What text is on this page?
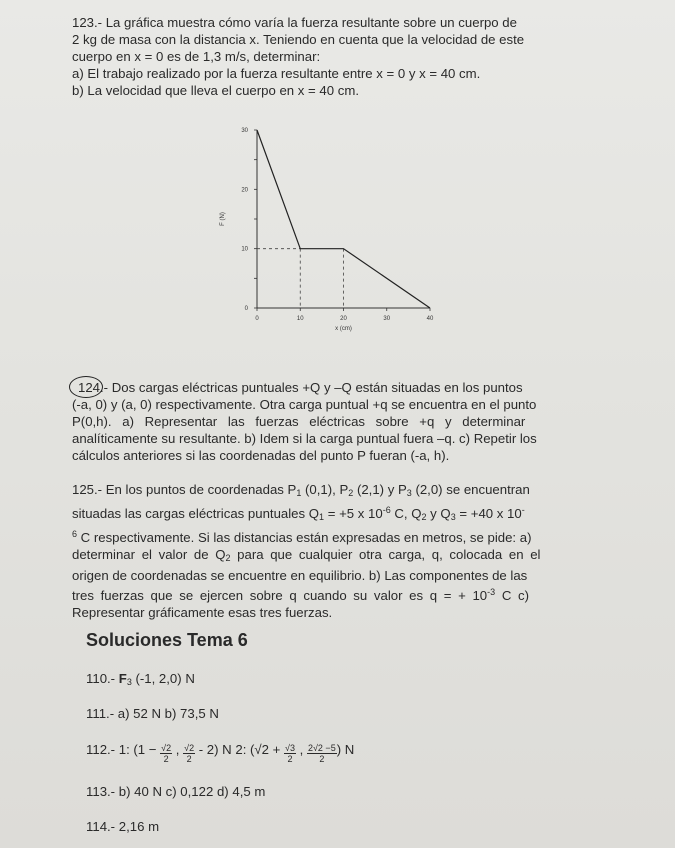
123.- La gráfica muestra cómo varía la fuerza resultante sobre un cuerpo de
2 kg de masa con la distancia x. Teniendo en cuenta que la velocidad de este
cuerpo en x = 0 es de 1,3 m/s, determinar:
a) El trabajo realizado por la fuerza resultante entre x = 0 y x = 40 cm.
b) La velocidad que lleva el cuerpo en x = 40 cm.
0	10	20	30	40
0
10
20
30
x (cm)
F (N)
124.- Dos cargas eléctricas puntuales +Q y –Q están situadas en los puntos
(-a, 0) y (a, 0) respectivamente. Otra carga puntual +q se encuentra en el punto
P(0,h). a) Representar las fuerzas eléctricas sobre +q y determinar
analíticamente su resultante. b) Idem si la carga puntual fuera –q. c) Repetir los
cálculos anteriores si las coordenadas del punto P fueran (-a, h).
125.- En los puntos de coordenadas $P_1$ (0,1), $P_2$ (2,1) y $P_3$ (2,0) se encuentran
situadas las cargas eléctricas puntuales $Q_1 = +5$ x $10^{-6}$ C, $Q_2$ y $Q_3 = +40$ x 10-
$^6$ C respectivamente. Si las distancias están expresadas en metros, se pide: a)
determinar el valor de $Q_2$ para que cualquier otra carga, q, colocada en el
origen de coordenadas se encuentre en equilibrio. b) Las componentes de las
tres fuerzas que se ejercen sobre q cuando su valor es q = + $10^{-3}$ C c)
Representar gráficamente esas tres fuerzas.
Soluciones Tema 6
110.- $F_3$ (-1, 2,0) N
111.- a) 52 N b) 73,5 N
112.- 1: ($1 - \frac{√2}{2}$ , $\frac{√2}{2} - 2$) N 2: ($√2 + \frac{√3}{2}$ , $\frac{2√2 -5}{2}$ ) N
113.- b) 40 N c) 0,122 d) 4,5 m
114.- 2,16 m
